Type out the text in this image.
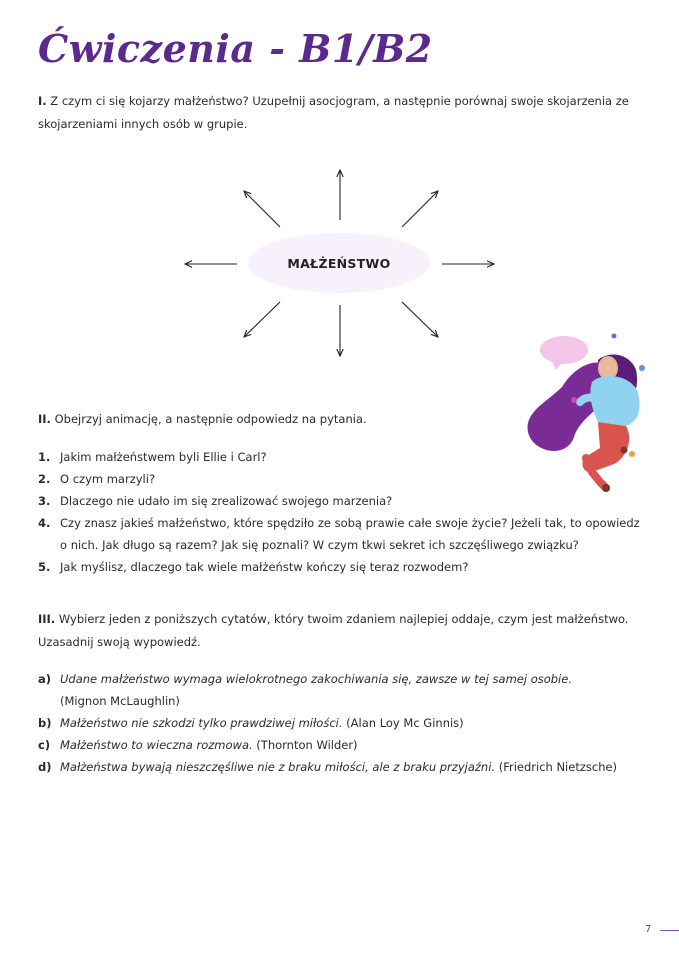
Ćwiczenia - B1/B2
I. Z czym ci się kojarzy małżeństwo? Uzupełnij asocjogram, a następnie porównaj swoje skojarzenia ze skojarzeniami innych osób w grupie.
MAŁŻEŃSTWO
II. Obejrzyj animację, a następnie odpowiedz na pytania.
1. Jakim małżeństwem byli Ellie i Carl?
2. O czym marzyli?
3. Dlaczego nie udało im się zrealizować swojego marzenia?
4. Czy znasz jakieś małżeństwo, które spędziło ze sobą prawie całe swoje życie? Jeżeli tak, to opowiedz o nich. Jak długo są razem? Jak się poznali? W czym tkwi sekret ich szczęśliwego związku?
5. Jak myślisz, dlaczego tak wiele małżeństw kończy się teraz rozwodem?
III. Wybierz jeden z poniższych cytatów, który twoim zdaniem najlepiej oddaje, czym jest małżeństwo. Uzasadnij swoją wypowiedź.
a) Udane małżeństwo wymaga wielokrotnego zakochiwania się, zawsze w tej samej osobie.
(Mignon McLaughlin)
b) Małżeństwo nie szkodzi tylko prawdziwej miłości. (Alan Loy Mc Ginnis)
c) Małżeństwo to wieczna rozmowa. (Thornton Wilder)
d) Małżeństwa bywają nieszczęśliwe nie z braku miłości, ale z braku przyjaźni. (Friedrich Nietzsche)
7
